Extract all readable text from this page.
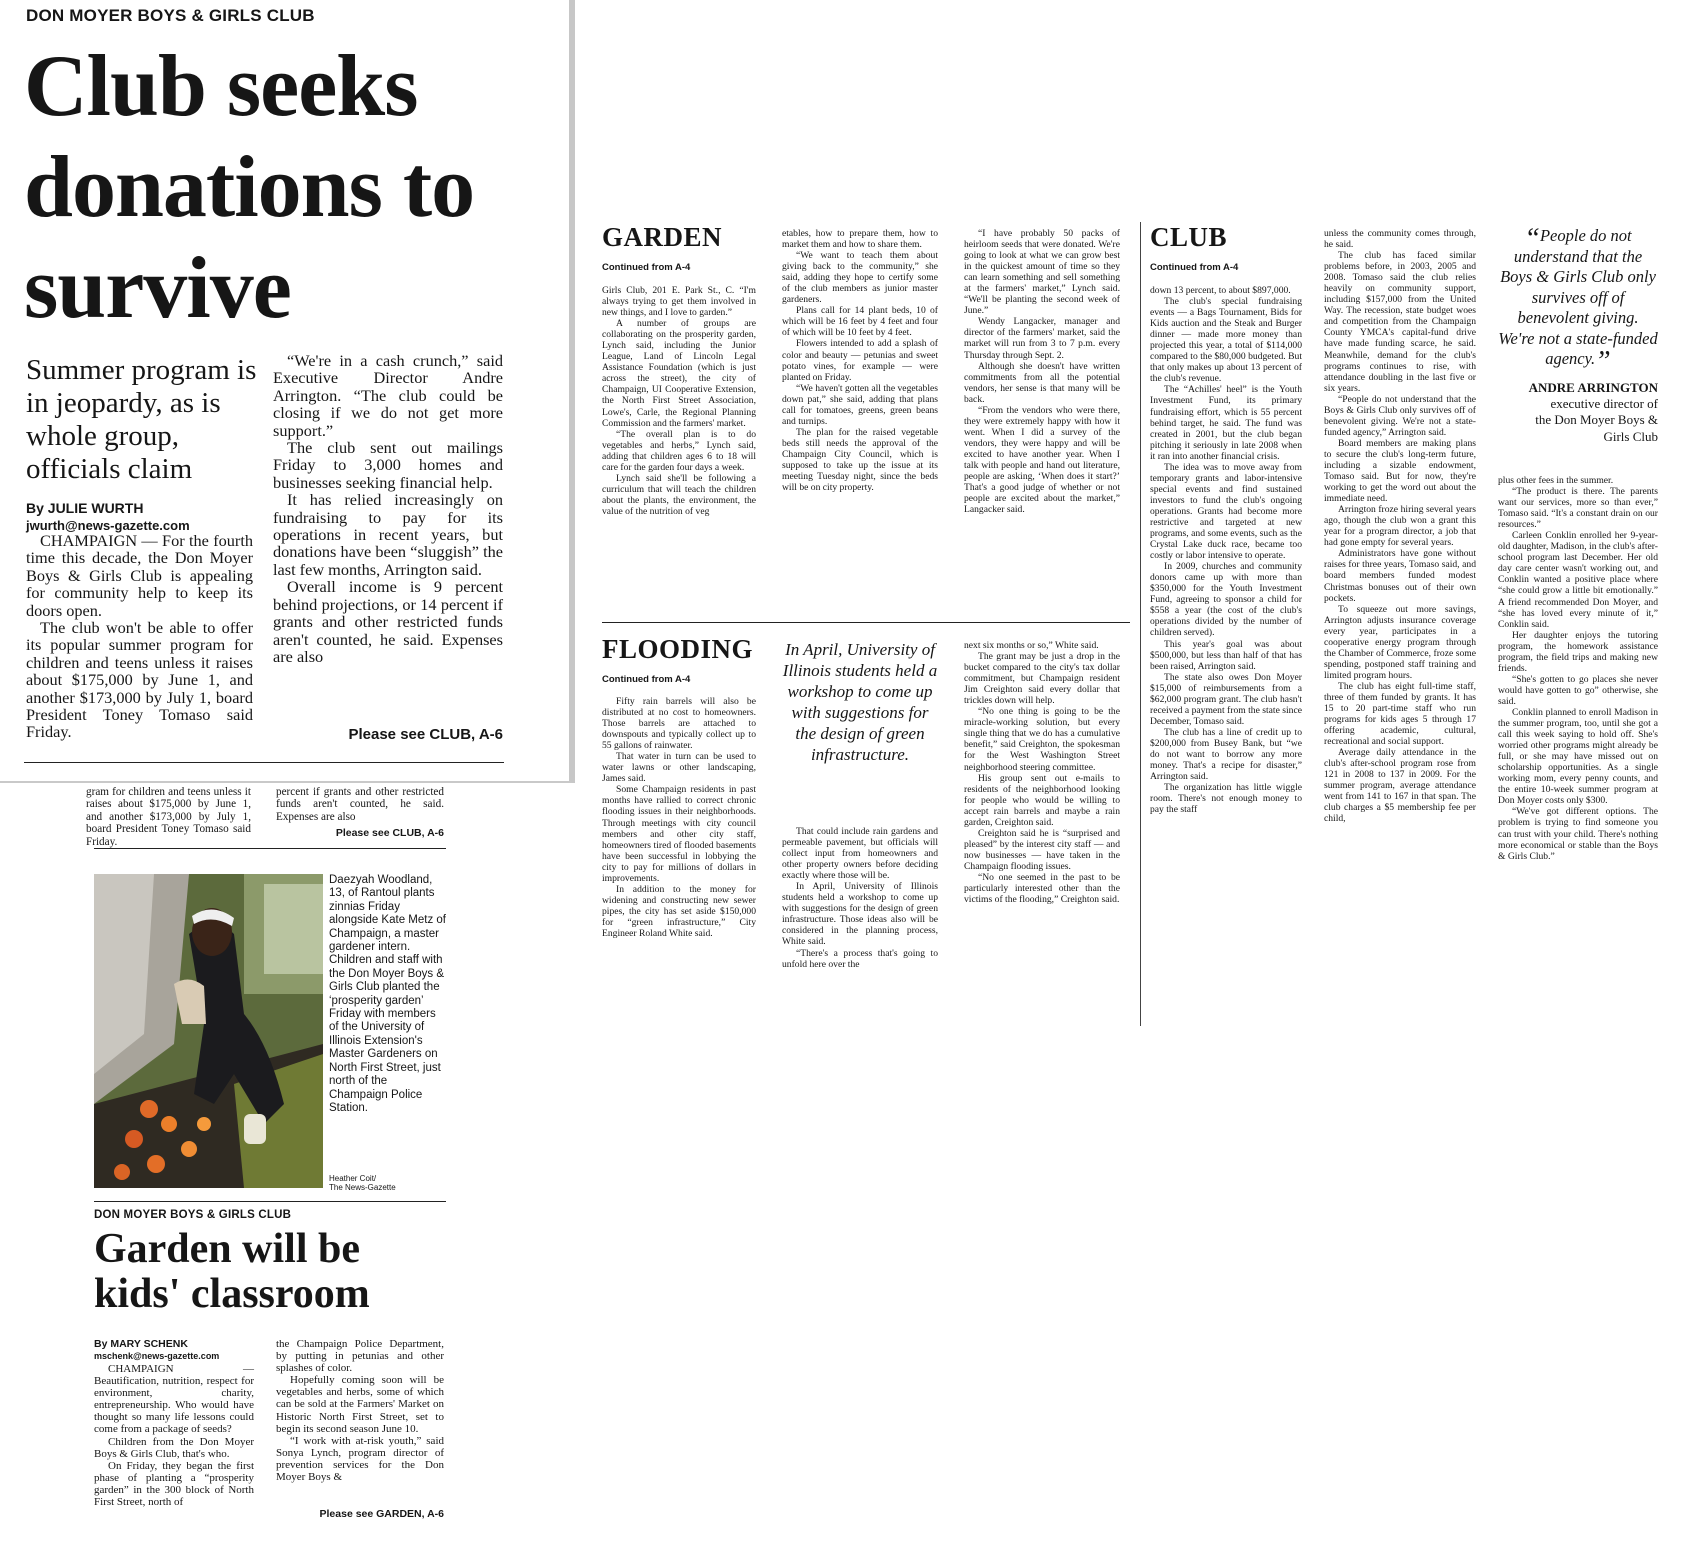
DON MOYER BOYS & GIRLS CLUB
Club seeks donations to survive
Summer program is in jeopardy, as is whole group, officials claim
By JULIE WURTH
jwurth@news-gazette.com

CHAMPAIGN — For the fourth time this decade, the Don Moyer Boys & Girls Club is appealing for community help to keep its doors open.

The club won't be able to offer its popular summer program for children and teens unless it raises about $175,000 by June 1, and another $173,000 by July 1, board President Toney Tomaso said Friday.

“We're in a cash crunch,” said Executive Director Andre Arrington. “The club could be closing if we do not get more support.”

The club sent out mailings Friday to 3,000 homes and businesses seeking financial help.

It has relied increasingly on fundraising to pay for its operations in recent years, but donations have been “sluggish” the last few months, Arrington said.

Overall income is 9 percent behind projections, or 14 percent if grants and other restricted funds aren't counted, he said. Expenses are also

Please see CLUB, A-6
gram for children and teens unless it raises about $175,000 by June 1, and another $173,000 by July 1, board President Toney Tomaso said Friday.
percent if grants and other restricted funds aren't counted, he said. Expenses are also
Please see CLUB, A-6
Daezyah Woodland, 13, of Rantoul plants zinnias Friday alongside Kate Metz of Champaign, a master gardener intern. Children and staff with the Don Moyer Boys & Girls Club planted the ‘prosperity garden’ Friday with members of the University of Illinois Extension's Master Gardeners on North First Street, just north of the Champaign Police Station.
Heather Coit/
The News-Gazette
DON MOYER BOYS & GIRLS CLUB
Garden will be kids' classroom
By MARY SCHENK
mschenk@news-gazette.com

CHAMPAIGN — Beautification, nutrition, respect for environment, charity, entrepreneurship. Who would have thought so many life lessons could come from a package of seeds?

Children from the Don Moyer Boys & Girls Club, that's who.

On Friday, they began the first phase of planting a “prosperity garden” in the 300 block of North First Street, north of

the Champaign Police Department, by putting in petunias and other splashes of color.

Hopefully coming soon will be vegetables and herbs, some of which can be sold at the Farmers' Market on Historic North First Street, set to begin its second season June 10.

“I work with at-risk youth,” said Sonya Lynch, program director of prevention services for the Don Moyer Boys &

Please see GARDEN, A-6
GARDEN
Continued from A-4

Girls Club, 201 E. Park St., C. “I'm always trying to get them involved in new things, and I love to garden.”

A number of groups are collaborating on the prosperity garden, Lynch said, including the Junior League, Land of Lincoln Legal Assistance Foundation (which is just across the street), the city of Champaign, UI Cooperative Extension, the North First Street Association, Lowe's, Carle, the Regional Planning Commission and the farmers' market.

“The overall plan is to do vegetables and herbs,” Lynch said, adding that children ages 6 to 18 will care for the garden four days a week.

Lynch said she'll be following a curriculum that will teach the children about the plants, the environment, the value of the nutrition of veg

etables, how to prepare them, how to market them and how to share them.

“We want to teach them about giving back to the community,” she said, adding they hope to certify some of the club members as junior master gardeners.

Plans call for 14 plant beds, 10 of which will be 16 feet by 4 feet and four of which will be 10 feet by 4 feet.

Flowers intended to add a splash of color and beauty — petunias and sweet potato vines, for example — were planted on Friday.

“We haven't gotten all the vegetables down pat,” she said, adding that plans call for tomatoes, greens, green beans and turnips.

The plan for the raised vegetable beds still needs the approval of the Champaign City Council, which is supposed to take up the issue at its meeting Tuesday night, since the beds will be on city property.

“I have probably 50 packs of heirloom seeds that were donated. We're going to look at what we can grow best in the quickest amount of time so they can learn something and sell something at the farmers' market,” Lynch said. “We'll be planting the second week of June.”

Wendy Langacker, manager and director of the farmers' market, said the market will run from 3 to 7 p.m. every Thursday through Sept. 2.

Although she doesn't have written commitments from all the potential vendors, her sense is that many will be back.

“From the vendors who were there, they were extremely happy with how it went. When I did a survey of the vendors, they were happy and will be excited to have another year. When I talk with people and hand out literature, people are asking, ‘When does it start?’ That's a good judge of whether or not people are excited about the market,” Langacker said.

FLOODING
Continued from A-4

Fifty rain barrels will also be distributed at no cost to homeowners. Those barrels are attached to downspouts and typically collect up to 55 gallons of rainwater.

That water in turn can be used to water lawns or other landscaping, James said.

Some Champaign residents in past months have rallied to correct chronic flooding issues in their neighborhoods. Through meetings with city council members and other city staff, homeowners tired of flooded basements have been successful in lobbying the city to pay for millions of dollars in improvements.

In addition to the money for widening and constructing new sewer pipes, the city has set aside $150,000 for “green infrastructure,” City Engineer Roland White said.

In April, University of Illinois students held a workshop to come up with suggestions for the design of green infrastructure.

That could include rain gardens and permeable pavement, but officials will collect input from homeowners and other property owners before deciding exactly where those will be.

In April, University of Illinois students held a workshop to come up with suggestions for the design of green infrastructure. Those ideas also will be considered in the planning process, White said.

“There's a process that's going to unfold here over the

next six months or so,” White said.

The grant may be just a drop in the bucket compared to the city's tax dollar commitment, but Champaign resident Jim Creighton said every dollar that trickles down will help.

“No one thing is going to be the miracle-working solution, but every single thing that we do has a cumulative benefit,” said Creighton, the spokesman for the West Washington Street neighborhood steering committee.

His group sent out e-mails to residents of the neighborhood looking for people who would be willing to accept rain barrels and maybe a rain garden, Creighton said.

Creighton said he is “surprised and pleased” by the interest city staff — and now businesses — have taken in the Champaign flooding issues.

“No one seemed in the past to be particularly interested other than the victims of the flooding,” Creighton said.

CLUB
Continued from A-4

down 13 percent, to about $897,000.

The club's special fundraising events — a Bags Tournament, Bids for Kids auction and the Steak and Burger dinner — made more money than projected this year, a total of $114,000 compared to the $80,000 budgeted. But that only makes up about 13 percent of the club's revenue.

The “Achilles' heel” is the Youth Investment Fund, its primary fundraising effort, which is 55 percent behind target, he said. The fund was created in 2001, but the club began pitching it seriously in late 2008 when it ran into another financial crisis.

The idea was to move away from temporary grants and labor-intensive special events and find sustained investors to fund the club's ongoing operations. Grants had become more restrictive and targeted at new programs, and some events, such as the Crystal Lake duck race, became too costly or labor intensive to operate.

In 2009, churches and community donors came up with more than $350,000 for the Youth Investment Fund, agreeing to sponsor a child for $558 a year (the cost of the club's operations divided by the number of children served).

This year's goal was about $500,000, but less than half of that has been raised, Arrington said.

The state also owes Don Moyer $15,000 of reimbursements from a $62,000 program grant. The club hasn't received a payment from the state since December, Tomaso said.

The club has a line of credit up to $200,000 from Busey Bank, but “we do not want to borrow any more money. That's a recipe for disaster,” Arrington said.

The organization has little wiggle room. There's not enough money to pay the staff

unless the community comes through, he said.

The club has faced similar problems before, in 2003, 2005 and 2008. Tomaso said the club relies heavily on community support, including $157,000 from the United Way. The recession, state budget woes and competition from the Champaign County YMCA's capital-fund drive have made funding scarce, he said. Meanwhile, demand for the club's programs continues to rise, with attendance doubling in the last five or six years.

“People do not understand that the Boys & Girls Club only survives off of benevolent giving. We're not a state-funded agency,” Arrington said.

Board members are making plans to secure the club's long-term future, including a sizable endowment, Tomaso said. But for now, they're working to get the word out about the immediate need.

Arrington froze hiring several years ago, though the club won a grant this year for a program director, a job that had gone empty for several years.

Administrators have gone without raises for three years, Tomaso said, and board members funded modest Christmas bonuses out of their own pockets.

To squeeze out more savings, Arrington adjusts insurance coverage every year, participates in a cooperative energy program through the Chamber of Commerce, froze some spending, postponed staff training and limited program hours.

The club has eight full-time staff, three of them funded by grants. It has 15 to 20 part-time staff who run programs for kids ages 5 through 17 offering academic, cultural, recreational and social support.

Average daily attendance in the club's after-school program rose from 121 in 2008 to 137 in 2009. For the summer program, average attendance went from 141 to 167 in that span. The club charges a $5 membership fee per child,

“People do not understand that the Boys & Girls Club only survives off of benevolent giving. We're not a state-funded agency.”
ANDRE ARRINGTON
executive director of the Don Moyer Boys & Girls Club

plus other fees in the summer.

“The product is there. The parents want our services, more so than ever,” Tomaso said. “It's a constant drain on our resources.”

Carleen Conklin enrolled her 9-year-old daughter, Madison, in the club's after-school program last December. Her old day care center wasn't working out, and Conklin wanted a positive place where “she could grow a little bit emotionally.” A friend recommended Don Moyer, and “she has loved every minute of it,” Conklin said.

Her daughter enjoys the tutoring program, the homework assistance program, the field trips and making new friends.

“She's gotten to go places she never would have gotten to go” otherwise, she said.

Conklin planned to enroll Madison in the summer program, too, until she got a call this week saying to hold off. She's worried other programs might already be full, or she may have missed out on scholarship opportunities. As a single working mom, every penny counts, and the entire 10-week summer program at Don Moyer costs only $300.

“We've got different options. The problem is trying to find someone you can trust with your child. There's nothing more economical or stable than the Boys & Girls Club.”
